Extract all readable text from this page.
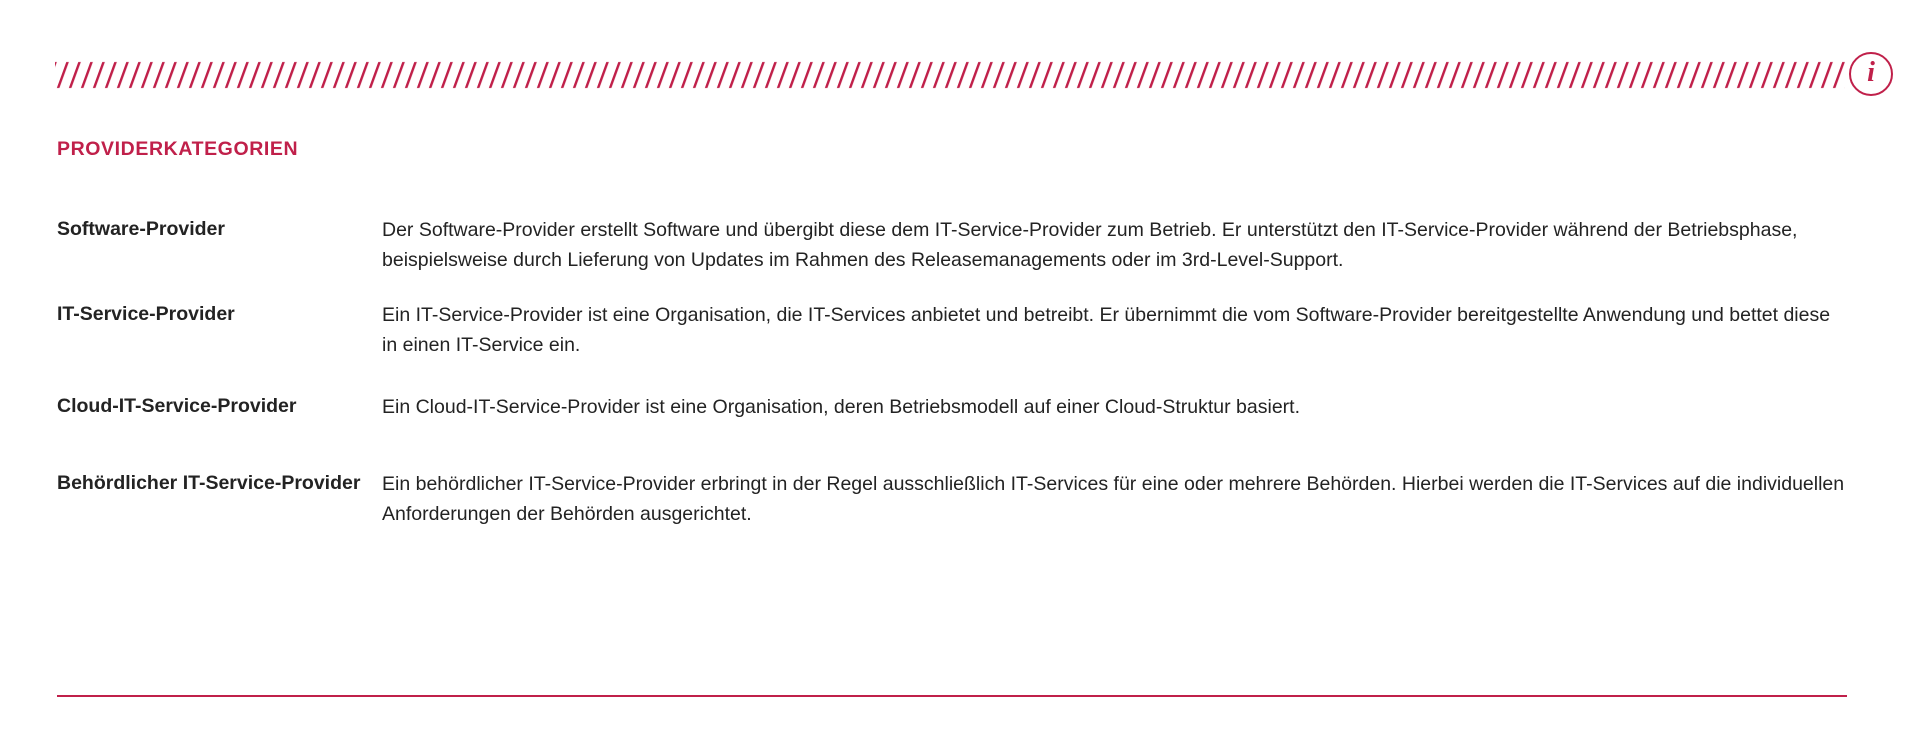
i
PROVIDERKATEGORIEN
Software-Provider	Der Software-Provider erstellt Software und übergibt diese dem IT-Service-Provider zum Betrieb. Er unterstützt den IT-Service-Provider während der Betriebsphase, beispielsweise durch Lieferung von Updates im Rahmen des Releasemanagements oder im 3rd-Level-Support.
IT-Service-Provider	Ein IT-Service-Provider ist eine Organisation, die IT-Services anbietet und betreibt. Er übernimmt die vom Software-Provider bereitgestellte Anwendung und bettet diese in einen IT-Service ein.
Cloud-IT-Service-Provider	Ein Cloud-IT-Service-Provider ist eine Organisation, deren Betriebsmodell auf einer Cloud-Struktur basiert.
Behördlicher IT-Service-Provider	Ein behördlicher IT-Service-Provider erbringt in der Regel ausschließlich IT-Services für eine oder mehrere Behörden. Hierbei werden die IT-Services auf die individuellen Anforderungen der Behörden ausgerichtet.
